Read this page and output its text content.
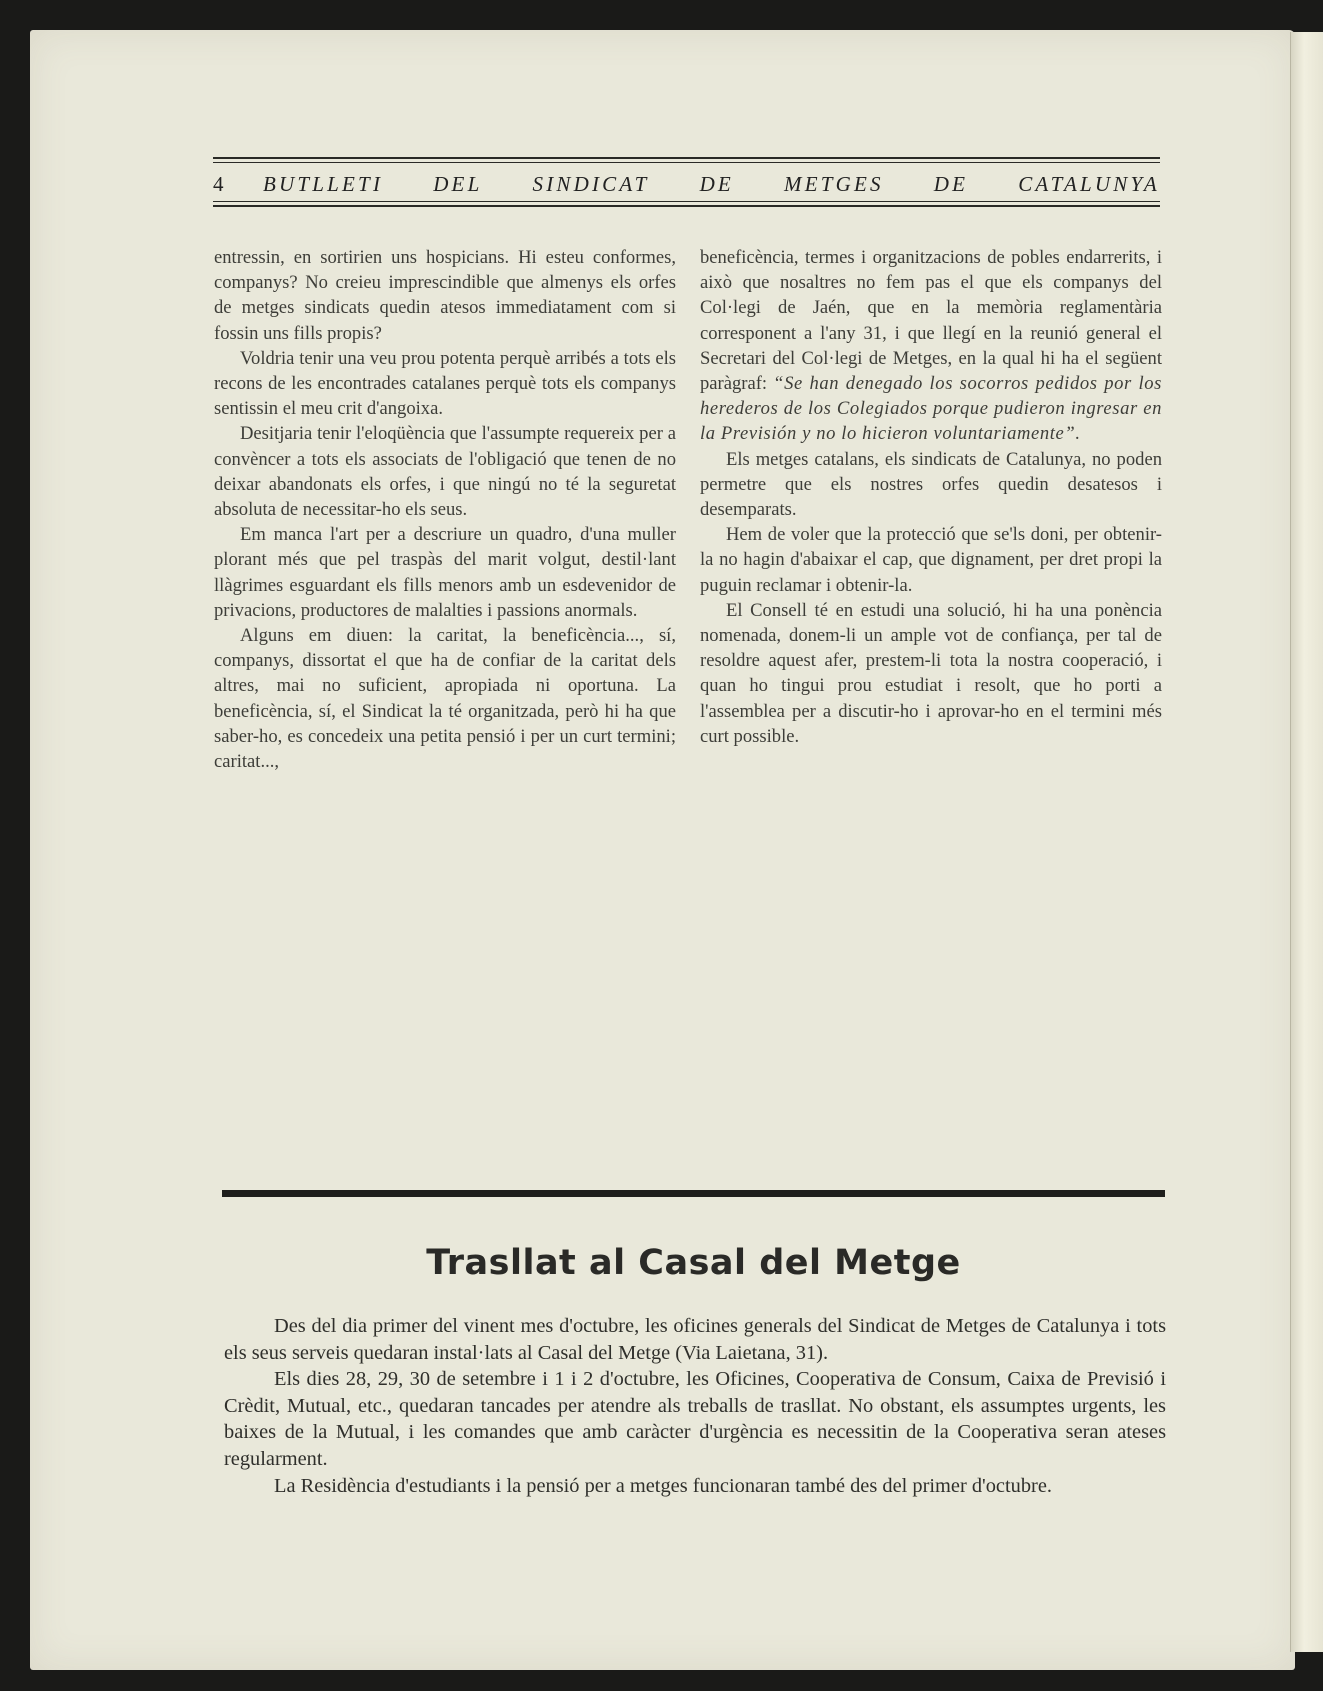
4	BUTLLETI DEL SINDICAT DE METGES DE CATALUNYA

entressin, en sortirien uns hospicians. Hi esteu conformes, companys? No creieu imprescindible que almenys els orfes de metges sindicats quedin atesos immediatament com si fossin uns fills propis?

Voldria tenir una veu prou potenta perquè arribés a tots els recons de les encontrades catalanes perquè tots els companys sentissin el meu crit d'angoixa.

Desitjaria tenir l'eloqüència que l'assumpte requereix per a convèncer a tots els associats de l'obligació que tenen de no deixar abandonats els orfes, i que ningú no té la seguretat absoluta de necessitar-ho els seus.

Em manca l'art per a descriure un quadro, d'una muller plorant més que pel traspàs del marit volgut, destil·lant llàgrimes esguardant els fills menors amb un esdevenidor de privacions, productores de malalties i passions anormals.

Alguns em diuen: la caritat, la beneficència..., sí, companys, dissortat el que ha de confiar de la caritat dels altres, mai no suficient, apropiada ni oportuna. La beneficència, sí, el Sindicat la té organitzada, però hi ha que saber-ho, es concedeix una petita pensió i per un curt termini; caritat...,

beneficència, termes i organitzacions de pobles endarrerits, i això que nosaltres no fem pas el que els companys del Col·legi de Jaén, que en la memòria reglamentària corresponent a l'any 31, i que llegí en la reunió general el Secretari del Col·legi de Metges, en la qual hi ha el següent paràgraf: “Se han denegado los socorros pedidos por los herederos de los Colegiados porque pudieron ingresar en la Previsión y no lo hicieron voluntariamente”.

Els metges catalans, els sindicats de Catalunya, no poden permetre que els nostres orfes quedin desatesos i desemparats.

Hem de voler que la protecció que se'ls doni, per obtenir-la no hagin d'abaixar el cap, que dignament, per dret propi la puguin reclamar i obtenir-la.

El Consell té en estudi una solució, hi ha una ponència nomenada, donem-li un ample vot de confiança, per tal de resoldre aquest afer, prestem-li tota la nostra cooperació, i quan ho tingui prou estudiat i resolt, que ho porti a l'assemblea per a discutir-ho i aprovar-ho en el termini més curt possible.

Trasllat al Casal del Metge

Des del dia primer del vinent mes d'octubre, les oficines generals del Sindicat de Metges de Catalunya i tots els seus serveis quedaran instal·lats al Casal del Metge (Via Laietana, 31).

Els dies 28, 29, 30 de setembre i 1 i 2 d'octubre, les Oficines, Cooperativa de Consum, Caixa de Previsió i Crèdit, Mutual, etc., quedaran tancades per atendre als treballs de trasllat. No obstant, els assumptes urgents, les baixes de la Mutual, i les comandes que amb caràcter d'urgència es necessitin de la Cooperativa seran ateses regularment.

La Residència d'estudiants i la pensió per a metges funcionaran també des del primer d'octubre.
